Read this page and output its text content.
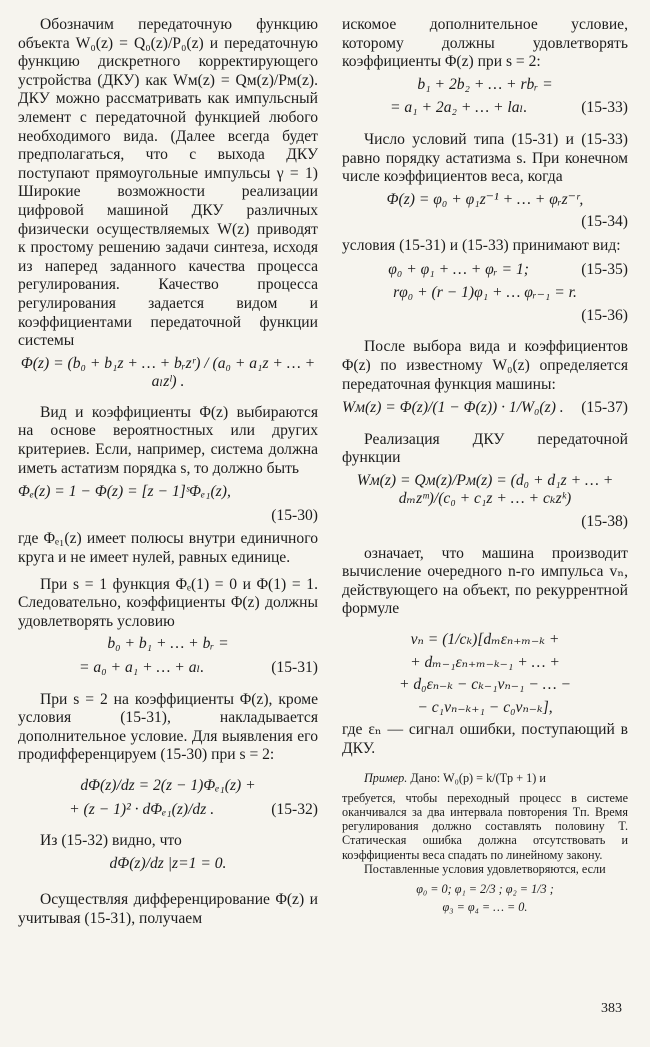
Обозначим передаточную функцию объекта W₀(z) = Q₀(z)/P₀(z) и передаточную функцию дискретного корректирующего устройства (ДКУ) как Wм(z) = Qм(z)/Pм(z). ДКУ можно рассматривать как импульсный элемент с передаточной функцией любого необходимого вида. (Далее всегда будет предполагаться, что с выхода ДКУ поступают прямоугольные импульсы γ = 1) Широкие возможности реализации цифровой машиной ДКУ различных физически осуществляемых W(z) приводят к простому решению задачи синтеза, исходя из наперед заданного качества процесса регулирования. Качество процесса регулирования задается видом и коэффициентами передаточной функции системы

Φ(z) = (b₀ + b₁z + … + bᵣzʳ) / (a₀ + a₁z + … + aₗzˡ) .

Вид и коэффициенты Φ(z) выбираются на основе вероятностных или других критериев. Если, например, система должна иметь астатизм порядка s, то должно быть

Φₑ(z) = 1 − Φ(z) = [z − 1]ˢΦₑ₁(z),
(15-30)

где Φₑ₁(z) имеет полюсы внутри единичного круга и не имеет нулей, равных единице.

При s = 1 функция Φₑ(1) = 0 и Φ(1) = 1. Следовательно, коэффициенты Φ(z) должны удовлетворять условию

b₀ + b₁ + … + bᵣ =
= a₀ + a₁ + … + aₗ.	(15-31)

При s = 2 на коэффициенты Φ(z), кроме условия (15-31), накладывается дополнительное условие. Для выявления его продифференцируем (15-30) при s = 2:

dΦ(z)/dz = 2(z − 1)Φₑ₁(z) +
+ (z − 1)² · dΦₑ₁(z)/dz .	(15-32)

Из (15-32) видно, что

dΦ(z)/dz |z=1 = 0.

Осуществляя дифференцирование Φ(z) и учитывая (15-31), получаем

искомое дополнительное условие, которому должны удовлетворять коэффициенты Φ(z) при s = 2:

b₁ + 2b₂ + … + rbᵣ =
= a₁ + 2a₂ + … + laₗ.	(15-33)

Число условий типа (15-31) и (15-33) равно порядку астатизма s. При конечном числе коэффициентов веса, когда

Φ(z) = φ₀ + φ₁z⁻¹ + … + φᵣz⁻ʳ,
(15-34)

условия (15-31) и (15-33) принимают вид:

φ₀ + φ₁ + … + φᵣ = 1;	(15-35)
rφ₀ + (r − 1)φ₁ + … φᵣ₋₁ = r.
(15-36)

После выбора вида и коэффициентов Φ(z) по известному W₀(z) определяется передаточная функция машины:

Wм(z) = Φ(z)/(1 − Φ(z)) · 1/W₀(z) .	(15-37)

Реализация ДКУ передаточной функции

Wм(z) = Qм(z)/Pм(z) = (d₀ + d₁z + … + dₘzᵐ)/(c₀ + c₁z + … + cₖzᵏ)
(15-38)

означает, что машина производит вычисление очередного n-го импульса vₙ, действующего на объект, по рекуррентной формуле

vₙ = (1/cₖ)[dₘεₙ₊ₘ₋ₖ +
+ dₘ₋₁εₙ₊ₘ₋ₖ₋₁ + … +
+ d₀εₙ₋ₖ − cₖ₋₁vₙ₋₁ − … −
− c₁vₙ₋ₖ₊₁ − c₀vₙ₋ₖ],

где εₙ — сигнал ошибки, поступающий в ДКУ.

Пример. Дано: W₀(p) = k/(Tp + 1) и

требуется, чтобы переходный процесс в системе оканчивался за два интервала повторения Tп. Время регулирования должно составлять половину T. Статическая ошибка должна отсутствовать и коэффициенты веса спадать по линейному закону.

Поставленные условия удовлетворяются, если

φ₀ = 0; φ₁ = 2/3 ; φ₂ = 1/3 ;
φ₃ = φ₄ = … = 0.
383
